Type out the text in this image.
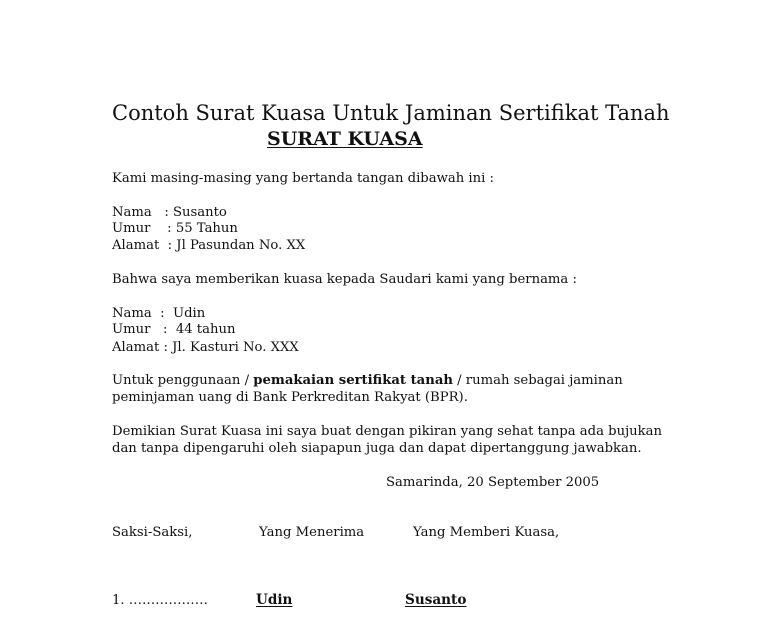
Contoh Surat Kuasa Untuk Jaminan Sertifikat Tanah
SURAT KUASA
Kami masing-masing yang bertanda tangan dibawah ini :
Nama   : Susanto
Umur    : 55 Tahun
Alamat  : Jl Pasundan No. XX
Bahwa saya memberikan kuasa kepada Saudari kami yang bernama :
Nama  :  Udin
Umur   :  44 tahun
Alamat : Jl. Kasturi No. XXX
Untuk penggunaan / pemakaian sertifikat tanah / rumah sebagai jaminan
peminjaman uang di Bank Perkreditan Rakyat (BPR).
Demikian Surat Kuasa ini saya buat dengan pikiran yang sehat tanpa ada bujukan
dan tanpa dipengaruhi oleh siapapun juga dan dapat dipertanggung jawabkan.
Samarinda, 20 September 2005
Saksi-Saksi,	Yang Menerima	Yang Memberi Kuasa,
1. ………………	Udin	Susanto
